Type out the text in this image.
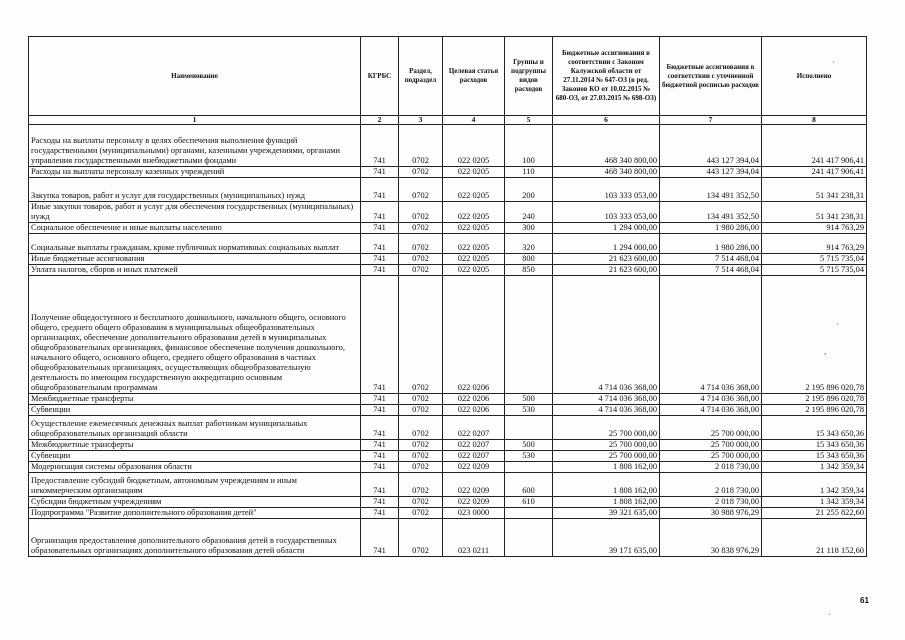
Наименование	КГРБС	Раздел, подраздел	Целевая статья расходов	Группы и подгруппы видов расходов	Бюджетные ассигнования в соответствии с Законом Калужской области от 27.11.2014 № 647-ОЗ (в ред. Законов КО от 10.02.2015 № 680-ОЗ, от 27.03.2015 № 698-ОЗ)	Бюджетные ассигнования в соответствии с уточненной бюджетной росписью расходов	Исполнено
1	2	3	4	5	6	7	8
Расходы на выплаты персоналу в целях обеспечения выполнения функций государственными (муниципальными) органами, казенными учреждениями, органами управления государственными внебюджетными фондами	741	0702	022 0205	100	468 340 800,00	443 127 394,04	241 417 906,41
Расходы на выплаты персоналу казенных учреждений	741	0702	022 0205	110	468 340 800,00	443 127 394,04	241 417 906,41
Закупка товаров, работ и услуг для государственных (муниципальных) нужд	741	0702	022 0205	200	103 333 053,00	134 491 352,50	51 341 238,31
Иные закупки товаров, работ и услуг для обеспечения государственных (муниципальных) нужд	741	0702	022 0205	240	103 333 053,00	134 491 352,50	51 341 238,31
Социальное обеспечение и иные выплаты населению	741	0702	022 0205	300	1 294 000,00	1 980 286,00	914 763,29
Социальные выплаты гражданам, кроме публичных нормативных социальных выплат	741	0702	022 0205	320	1 294 000,00	1 980 286,00	914 763,29
Иные бюджетные ассигнования	741	0702	022 0205	800	21 623 600,00	7 514 468,04	5 715 735,04
Уплата налогов, сборов и иных платежей	741	0702	022 0205	850	21 623 600,00	7 514 468,04	5 715 735,04
Получение общедоступного и бесплатного дошкольного, начального общего, основного общего, среднего общего образования в муниципальных общеобразовательных организациях, обеспечение дополнительного образования детей в муниципальных общеобразовательных организациях, финансовое обеспечение получения дошкольного, начального общего, основного общего, среднего общего образования в частных общеобразовательных организациях, осуществляющих общеобразовательную деятельность по имеющим государственную аккредитацию основным общеобразовательным программам	741	0702	022 0206		4 714 036 368,00	4 714 036 368,00	2 195 896 020,78
Межбюджетные трансферты	741	0702	022 0206	500	4 714 036 368,00	4 714 036 368,00	2 195 896 020,78
Субвенции	741	0702	022 0206	530	4 714 036 368,00	4 714 036 368,00	2 195 896 020,78
Осуществление ежемесячных денежных выплат работникам муниципальных общеобразовательных организаций области	741	0702	022 0207		25 700 000,00	25 700 000,00	15 343 650,36
Межбюджетные трансферты	741	0702	022 0207	500	25 700 000,00	25 700 000,00	15 343 650,36
Субвенции	741	0702	022 0207	530	25 700 000,00	25 700 000,00	15 343 650,36
Модернизация системы образования области	741	0702	022 0209		1 808 162,00	2 018 730,00	1 342 359,34
Предоставление субсидий бюджетным, автономным учреждениям и иным некоммерческим организациям	741	0702	022 0209	600	1 808 162,00	2 018 730,00	1 342 359,34
Субсидии бюджетным учреждениям	741	0702	022 0209	610	1 808 162,00	2 018 730,00	1 342 359,34
Подпрограмма "Развитие дополнительного образования детей"	741	0702	023 0000		39 321 635,00	30 988 976,29	21 255 822,60
Организация предоставления дополнительного образования детей в государственных образовательных организациях дополнительного образования детей области	741	0702	023 0211		39 171 635,00	30 838 976,29	21 118 152,60
61
´
`
,
`
